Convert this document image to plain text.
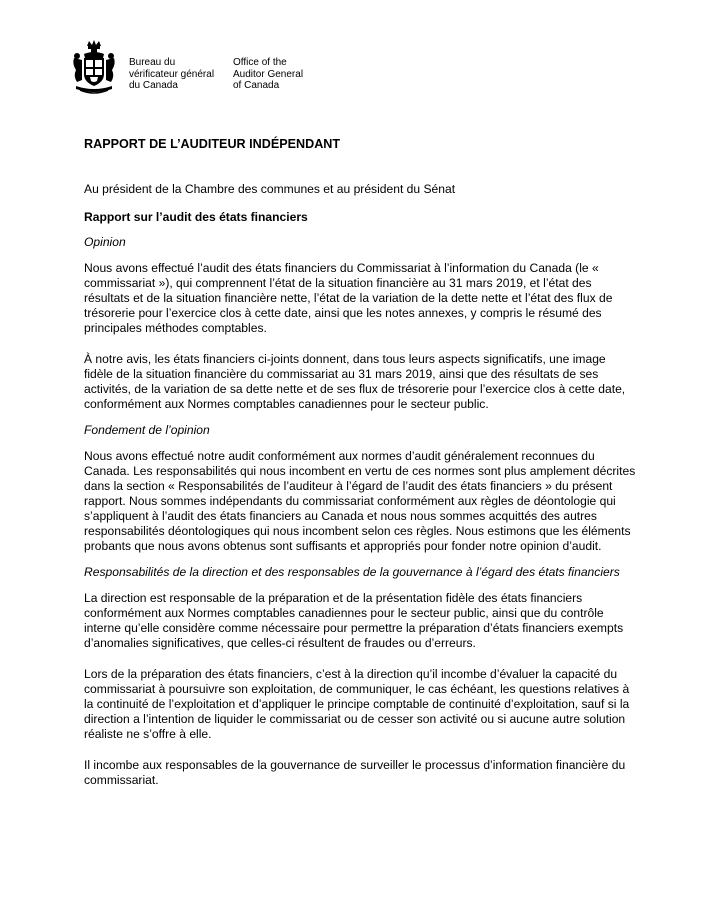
Bureau du
vérificateur général
du Canada
Office of the
Auditor General
of Canada
RAPPORT DE L’AUDITEUR INDÉPENDANT
Au président de la Chambre des communes et au président du Sénat
Rapport sur l’audit des états financiers
Opinion
Nous avons effectué l’audit des états financiers du Commissariat à l’information du Canada (le « commissariat »), qui comprennent l’état de la situation financière au 31 mars 2019, et l’état des résultats et de la situation financière nette, l’état de la variation de la dette nette et l’état des flux de trésorerie pour l’exercice clos à cette date, ainsi que les notes annexes, y compris le résumé des principales méthodes comptables.
À notre avis, les états financiers ci-joints donnent, dans tous leurs aspects significatifs, une image fidèle de la situation financière du commissariat au 31 mars 2019, ainsi que des résultats de ses activités, de la variation de sa dette nette et de ses flux de trésorerie pour l’exercice clos à cette date, conformément aux Normes comptables canadiennes pour le secteur public.
Fondement de l’opinion
Nous avons effectué notre audit conformément aux normes d’audit généralement reconnues du Canada. Les responsabilités qui nous incombent en vertu de ces normes sont plus amplement décrites dans la section « Responsabilités de l’auditeur à l’égard de l’audit des états financiers » du présent rapport. Nous sommes indépendants du commissariat conformément aux règles de déontologie qui s’appliquent à l’audit des états financiers au Canada et nous nous sommes acquittés des autres responsabilités déontologiques qui nous incombent selon ces règles. Nous estimons que les éléments probants que nous avons obtenus sont suffisants et appropriés pour fonder notre opinion d’audit.
Responsabilités de la direction et des responsables de la gouvernance à l’égard des états financiers
La direction est responsable de la préparation et de la présentation fidèle des états financiers conformément aux Normes comptables canadiennes pour le secteur public, ainsi que du contrôle interne qu’elle considère comme nécessaire pour permettre la préparation d’états financiers exempts d’anomalies significatives, que celles-ci résultent de fraudes ou d’erreurs.
Lors de la préparation des états financiers, c’est à la direction qu’il incombe d’évaluer la capacité du commissariat à poursuivre son exploitation, de communiquer, le cas échéant, les questions relatives à la continuité de l’exploitation et d’appliquer le principe comptable de continuité d’exploitation, sauf si la direction a l’intention de liquider le commissariat ou de cesser son activité ou si aucune autre solution réaliste ne s’offre à elle.
Il incombe aux responsables de la gouvernance de surveiller le processus d’information financière du commissariat.
